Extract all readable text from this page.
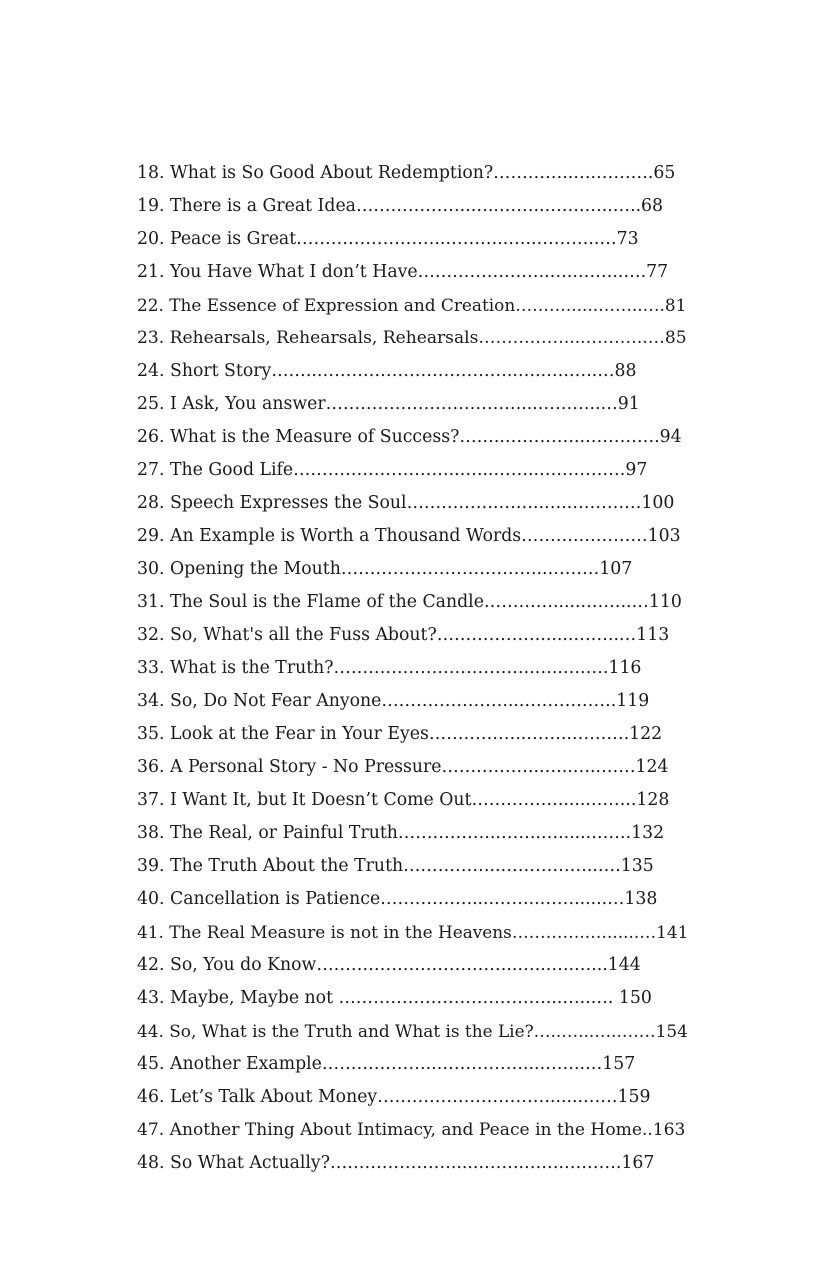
18. What is So Good About Redemption?…………..….……….65
19. There is a Great Idea………………..…..……..…….…..…..68
20. Peace is Great……………………..………..…..………..…73
21. You Have What I don’t Have…………………..…..……..….77
22. The Essence of Expression and Creation………......……..….81
23. Rehearsals, Rehearsals, Rehearsals……………....………..…85
24. Short Story……..……………………………..…..….…..…88
25. I Ask, You answer……………………………....………..…91
26. What is the Measure of Success?……..…………..………….94
27. The Good Life………………………..…...……..……………97
28. Speech Expresses the Soul…………….……..…..…………100
29. An Example is Worth a Thousand Words……….…………103
30. Opening the Mouth……………………………...………107
31. The Soul is the Flame of the Candle…………......……..…110
32. So, What's all the Fuss About?………………......……..…113
33. What is the Truth?……………………………..…..….….116
34. So, Do Not Fear Anyone…………………....…………….119
35. Look at the Fear in Your Eyes……………..……..……….122
36. A Personal Story - No Pressure……………..…...…..……124
37. I Want It, but It Doesn’t Come Out……………......……..128
38. The Real, or Painful Truth……………..……..…......…….132
39. The Truth About the Truth……………..……………..….135
40. Cancellation is Patience…………….....……..……......…138
41. The Real Measure is not in the Heavens…………..…......…141
42. So, You do Know……………………………..…..…..…...144
43. Maybe, Maybe not ………………………………...…..…. 150
44. So, What is the Truth and What is the Lie?…..…...…..……154
45. Another Example………………..……………...……..…157
46. Let’s Talk About Money…………………………......……159
47. Another Thing About Intimacy, and Peace in the Home..163
48. So What Actually?………………….....……..…….……….167
